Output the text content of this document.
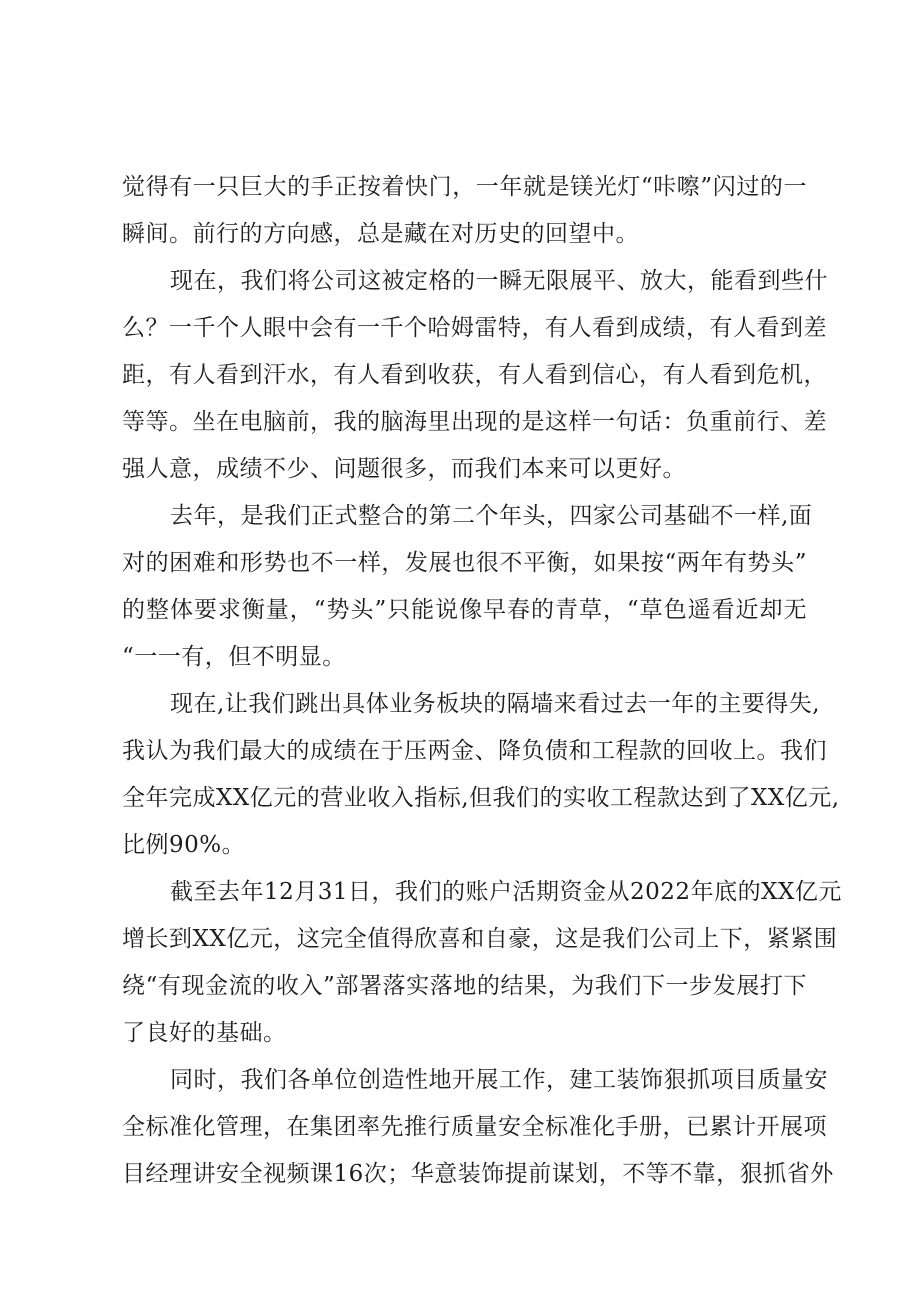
觉得有一只巨大的手正按着快门，一年就是镁光灯“咔嚓”闪过的一
瞬间。前行的方向感，总是藏在对历史的回望中。
现在，我们将公司这被定格的一瞬无限展平、放大，能看到些什
么？一千个人眼中会有一千个哈姆雷特，有人看到成绩，有人看到差
距，有人看到汗水，有人看到收获，有人看到信心，有人看到危机，
等等。坐在电脑前，我的脑海里出现的是这样一句话：负重前行、差
强人意，成绩不少、问题很多，而我们本来可以更好。
去年，是我们正式整合的第二个年头，四家公司基础不一样,面
对的困难和形势也不一样，发展也很不平衡，如果按“两年有势头”
的整体要求衡量，“势头”只能说像早春的青草，“草色遥看近却无
“一一有，但不明显。
现在,让我们跳出具体业务板块的隔墙来看过去一年的主要得失,
我认为我们最大的成绩在于压两金、降负债和工程款的回收上。我们
全年完成XX亿元的营业收入指标,但我们的实收工程款达到了XX亿元,
比例90%。
截至去年12月31日，我们的账户活期资金从2022年底的XX亿元
增长到XX亿元，这完全值得欣喜和自豪，这是我们公司上下，紧紧围
绕“有现金流的收入”部署落实落地的结果，为我们下一步发展打下
了良好的基础。
同时，我们各单位创造性地开展工作，建工装饰狠抓项目质量安
全标准化管理，在集团率先推行质量安全标准化手册，已累计开展项
目经理讲安全视频课16次；华意装饰提前谋划，不等不靠，狠抓省外
